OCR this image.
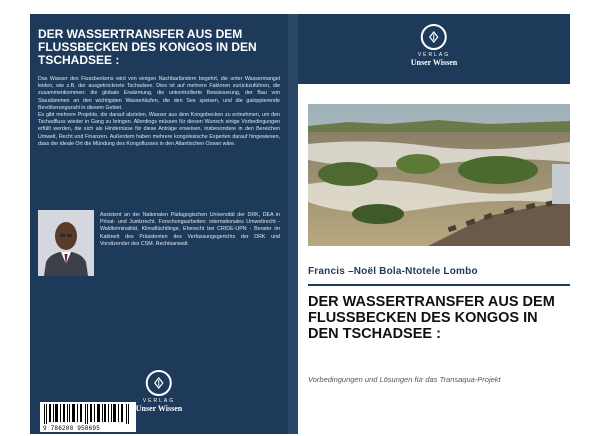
DER WASSERTRANSFER AUS DEM FLUSSBECKEN DES KONGOS IN DEN TSCHADSEE :

Das Wasser des Flussbeckens wird von einigen Nachbarländern begehrt, die unter Wassermangel leiden, wie z.B. der ausgetrocknete Tschadsee. Dies ist auf mehrere Faktoren zurückzuführen, die zusammenkommen: die globale Erwärmung, die unkontrollierte Bewässerung, der Bau von Staudämmen an den wichtigsten Wasserläufen, die den See speisen, und die galoppierende Bevölkerungszahl in diesem Gebiet.

Es gibt mehrere Projekte, die darauf abzielen, Wasser aus dem Kongobecken zu entnehmen, um den Tschadfluss wieder in Gang zu bringen. Allerdings müssen für diesen Wunsch einige Vorbedingungen erfüllt werden, die sich als Hindernisse für diese Anträge erweisen, insbesondere in den Bereichen Umwelt, Recht und Finanzen. Außerdem haben mehrere kongolesische Experten darauf hingewiesen, dass der ideale Ort die Mündung des Kongoflusses in den Atlantischen Ozean wäre.

Assistent an der Nationalen Pädagogischen Universität der DRK, DEA in Privat- und Justizrecht. Forschungsarbeiten: internationales Umweltrecht - Waldkriminalität, Klimaflüchtlinge, Eherecht bei CRIDE-UPN - Berater im Kabinett des Präsidenten des Verfassungsgerichts der DRK und Vorsitzender des CSM. Rechtsanwalt.
VERLAG
Unser Wissen
9 786208 958695
VERLAG
Unser Wissen
Francis –Noël Bola-Ntotele Lombo
DER WASSERTRANSFER AUS DEM FLUSSBECKEN DES KONGOS IN DEN TSCHADSEE :
Vorbedingungen und Lösungen für das Transaqua-Projekt
